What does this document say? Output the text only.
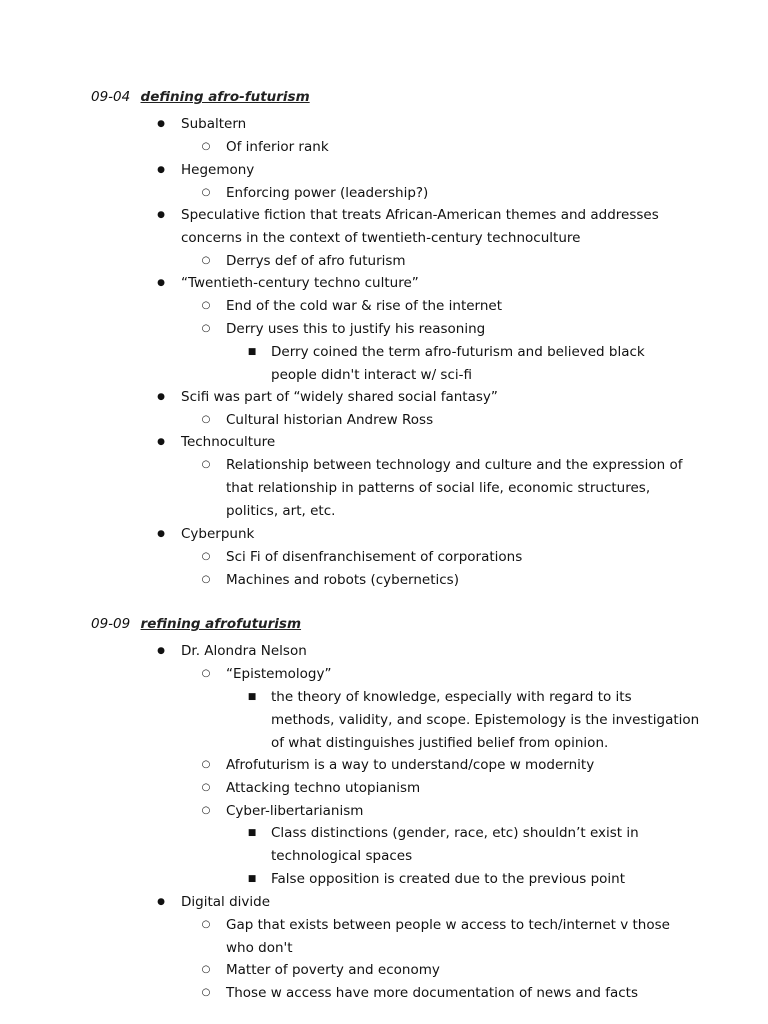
09-04 defining afro-futurism
● Subaltern
○ Of inferior rank
● Hegemony
○ Enforcing power (leadership?)
● Speculative fiction that treats African-American themes and addresses
concerns in the context of twentieth-century technoculture
○ Derrys def of afro futurism
● “Twentieth-century techno culture”
○ End of the cold war & rise of the internet
○ Derry uses this to justify his reasoning
■ Derry coined the term afro-futurism and believed black
people didn't interact w/ sci-fi
● Scifi was part of “widely shared social fantasy”
○ Cultural historian Andrew Ross
● Technoculture
○ Relationship between technology and culture and the expression of
that relationship in patterns of social life, economic structures,
politics, art, etc.
● Cyberpunk
○ Sci Fi of disenfranchisement of corporations
○ Machines and robots (cybernetics)
09-09 refining afrofuturism
● Dr. Alondra Nelson
○ “Epistemology”
■ the theory of knowledge, especially with regard to its
methods, validity, and scope. Epistemology is the investigation
of what distinguishes justified belief from opinion.
○ Afrofuturism is a way to understand/cope w modernity
○ Attacking techno utopianism
○ Cyber-libertarianism
■ Class distinctions (gender, race, etc) shouldn’t exist in
technological spaces
■ False opposition is created due to the previous point
● Digital divide
○ Gap that exists between people w access to tech/internet v those
who don't
○ Matter of poverty and economy
○ Those w access have more documentation of news and facts
